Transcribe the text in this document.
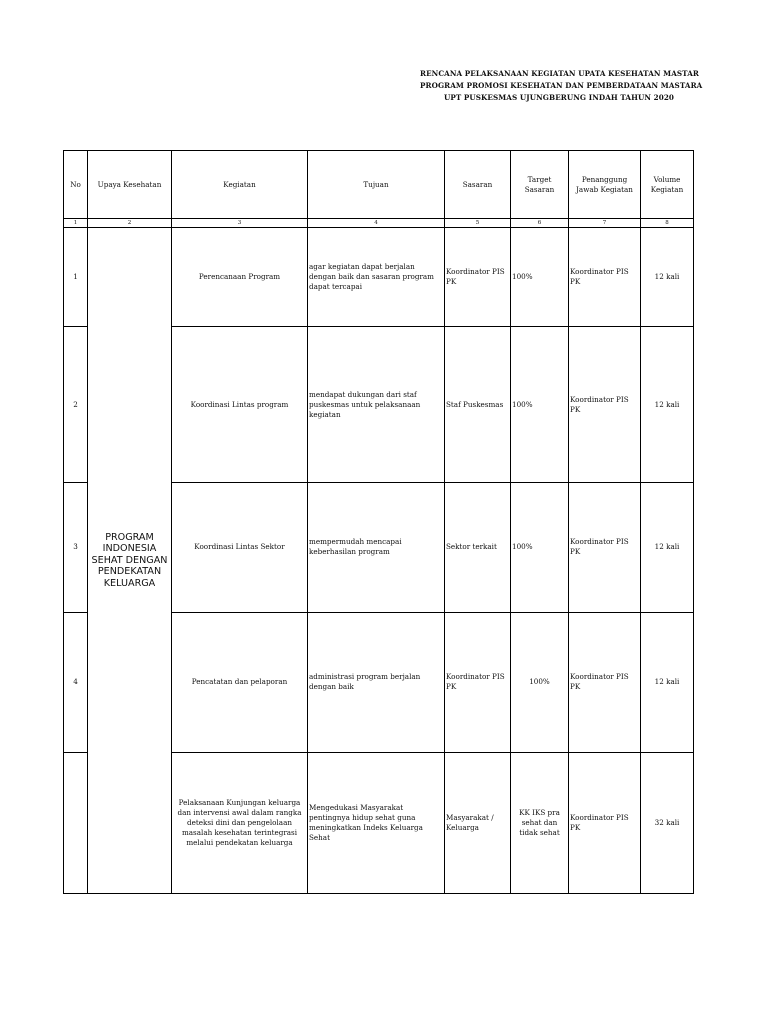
RENCANA PELAKSANAAN KEGIATAN UPATA KESEHATAN MASTAR
PROGRAM PROMOSI KESEHATAN DAN PEMBERDATAAN MASTARA
UPT PUSKESMAS UJUNGBERUNG INDAH TAHUN 2020
No	Upaya Kesehatan	Kegiatan	Tujuan	Sasaran	Target Sasaran	Penanggung Jawab Kegiatan	Volume Kegiatan
1	2	3	4	5	6	7	8
1	PROGRAM INDONESIA SEHAT DENGAN PENDEKATAN KELUARGA	Perencanaan Program	agar kegiatan dapat berjalan dengan baik dan sasaran program dapat tercapai	Koordinator PIS PK	100%	Koordinator PIS PK	12 kali
2		Koordinasi Lintas program	mendapat dukungan dari staf puskesmas untuk pelaksanaan kegiatan	Staf Puskesmas	100%	Koordinator PIS PK	12 kali
3		Koordinasi Lintas Sektor	mempermudah mencapai keberhasilan program	Sektor terkait	100%	Koordinator PIS PK	12 kali
4		Pencatatan dan pelaporan	administrasi program berjalan dengan baik	Koordinator PIS PK	100%	Koordinator PIS PK	12 kali
		Pelaksanaan Kunjungan keluarga dan intervensi awal dalam rangka deteksi dini dan pengelolaan masalah kesehatan terintegrasi melalui pendekatan keluarga	Mengedukasi Masyarakat pentingnya hidup sehat guna meningkatkan Indeks Keluarga Sehat	Masyarakat / Keluarga	KK IKS pra sehat dan tidak sehat	Koordinator PIS PK	32 kali
